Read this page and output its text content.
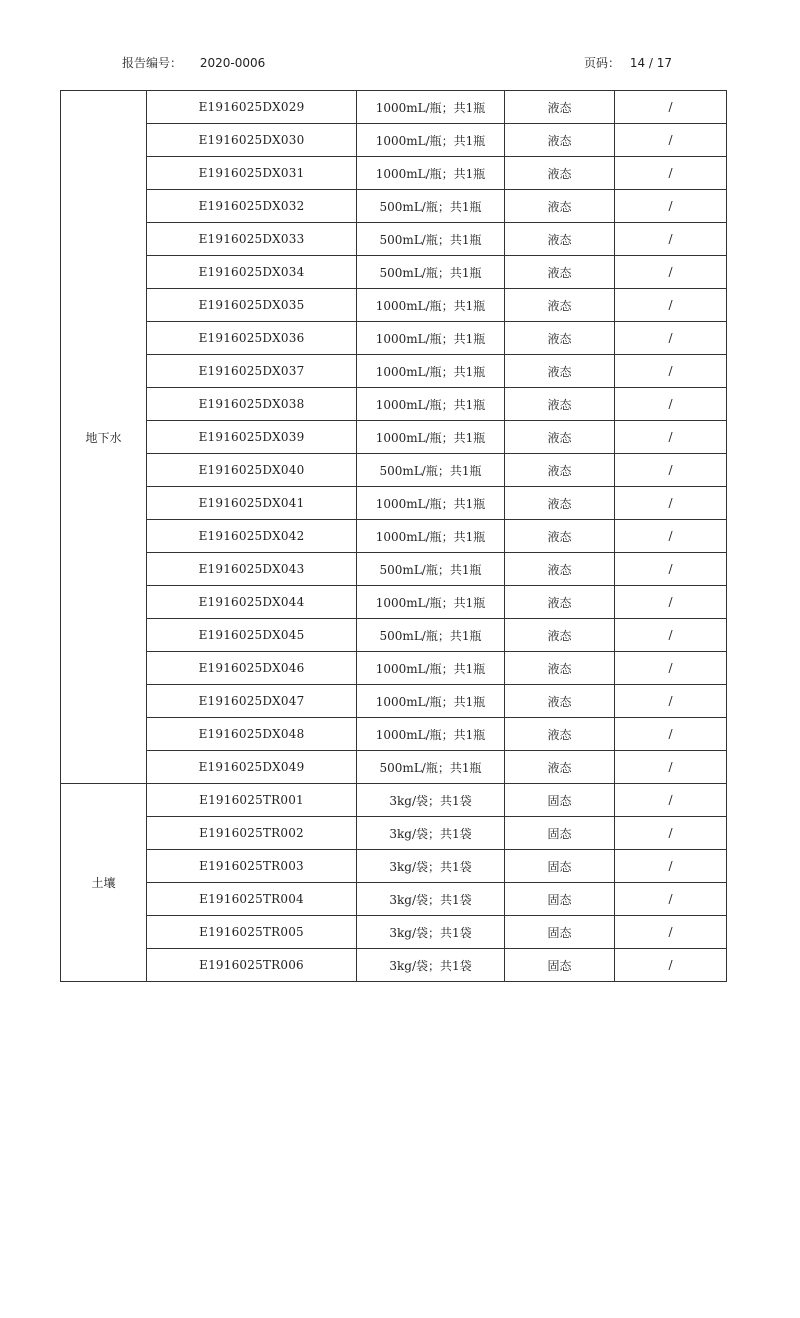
报告编号： 2020-0006	页码： 14 / 17
地下水	E1916025DX029	1000mL/瓶；共1瓶	液态	/
	E1916025DX030	1000mL/瓶；共1瓶	液态	/
	E1916025DX031	1000mL/瓶；共1瓶	液态	/
	E1916025DX032	500mL/瓶；共1瓶	液态	/
	E1916025DX033	500mL/瓶；共1瓶	液态	/
	E1916025DX034	500mL/瓶；共1瓶	液态	/
	E1916025DX035	1000mL/瓶；共1瓶	液态	/
	E1916025DX036	1000mL/瓶；共1瓶	液态	/
	E1916025DX037	1000mL/瓶；共1瓶	液态	/
	E1916025DX038	1000mL/瓶；共1瓶	液态	/
	E1916025DX039	1000mL/瓶；共1瓶	液态	/
	E1916025DX040	500mL/瓶；共1瓶	液态	/
	E1916025DX041	1000mL/瓶；共1瓶	液态	/
	E1916025DX042	1000mL/瓶；共1瓶	液态	/
	E1916025DX043	500mL/瓶；共1瓶	液态	/
	E1916025DX044	1000mL/瓶；共1瓶	液态	/
	E1916025DX045	500mL/瓶；共1瓶	液态	/
	E1916025DX046	1000mL/瓶；共1瓶	液态	/
	E1916025DX047	1000mL/瓶；共1瓶	液态	/
	E1916025DX048	1000mL/瓶；共1瓶	液态	/
	E1916025DX049	500mL/瓶；共1瓶	液态	/
土壤	E1916025TR001	3kg/袋；共1袋	固态	/
	E1916025TR002	3kg/袋；共1袋	固态	/
	E1916025TR003	3kg/袋；共1袋	固态	/
	E1916025TR004	3kg/袋；共1袋	固态	/
	E1916025TR005	3kg/袋；共1袋	固态	/
	E1916025TR006	3kg/袋；共1袋	固态	/
